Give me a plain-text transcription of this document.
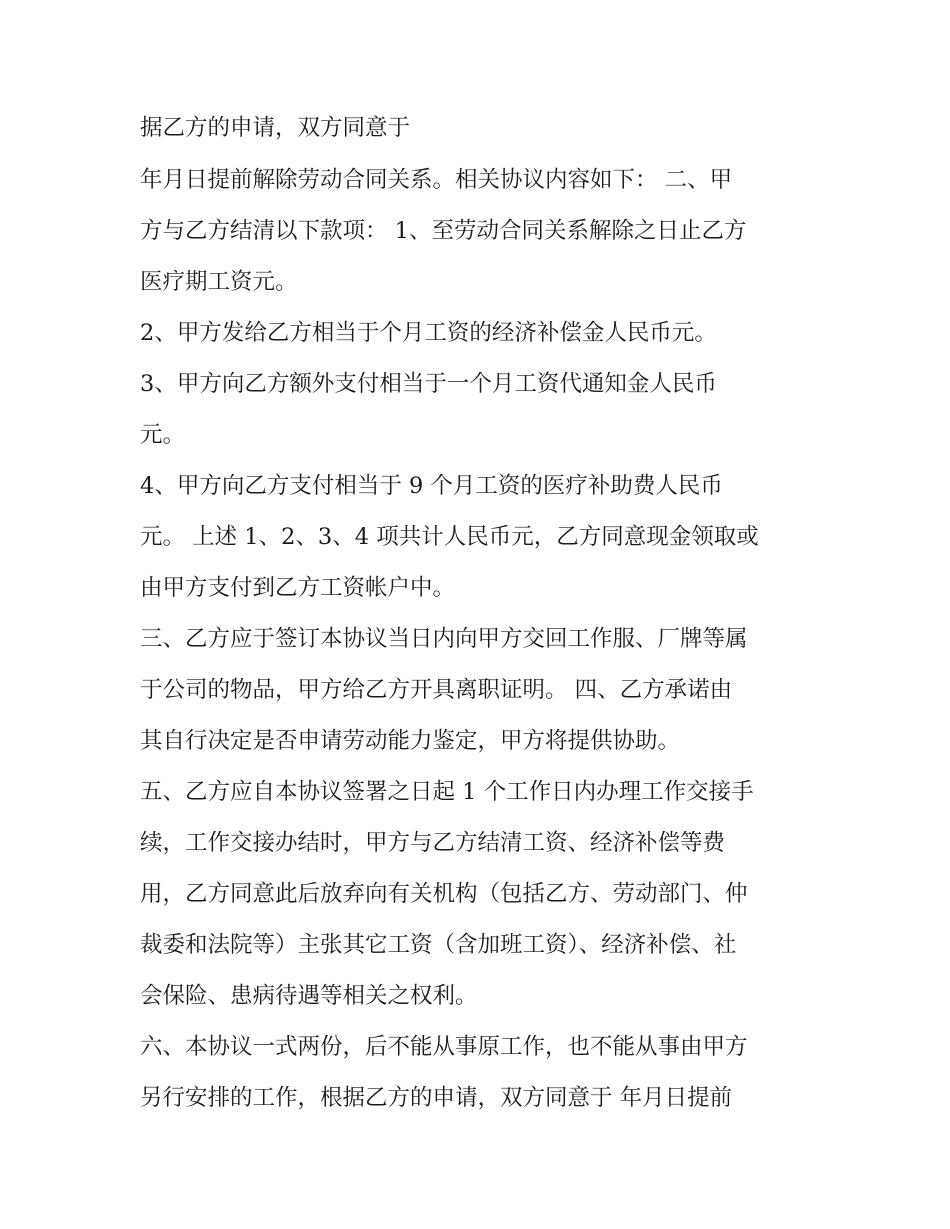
据乙方的申请，双方同意于

年月日提前解除劳动合同关系。相关协议内容如下： 二、甲

方与乙方结清以下款项： 1、至劳动合同关系解除之日止乙方

医疗期工资元。

2、甲方发给乙方相当于个月工资的经济补偿金人民币元。

3、甲方向乙方额外支付相当于一个月工资代通知金人民币

元。

4、甲方向乙方支付相当于 9 个月工资的医疗补助费人民币

元。 上述 1、2、3、4 项共计人民币元，乙方同意现金领取或

由甲方支付到乙方工资帐户中。

三、乙方应于签订本协议当日内向甲方交回工作服、厂牌等属

于公司的物品，甲方给乙方开具离职证明。 四、乙方承诺由

其自行决定是否申请劳动能力鉴定，甲方将提供协助。

五、乙方应自本协议签署之日起 1 个工作日内办理工作交接手

续，工作交接办结时，甲方与乙方结清工资、经济补偿等费

用，乙方同意此后放弃向有关机构（包括乙方、劳动部门、仲

裁委和法院等）主张其它工资（含加班工资）、经济补偿、社

会保险、患病待遇等相关之权利。

六、本协议一式两份，后不能从事原工作，也不能从事由甲方

另行安排的工作，根据乙方的申请，双方同意于 年月日提前
